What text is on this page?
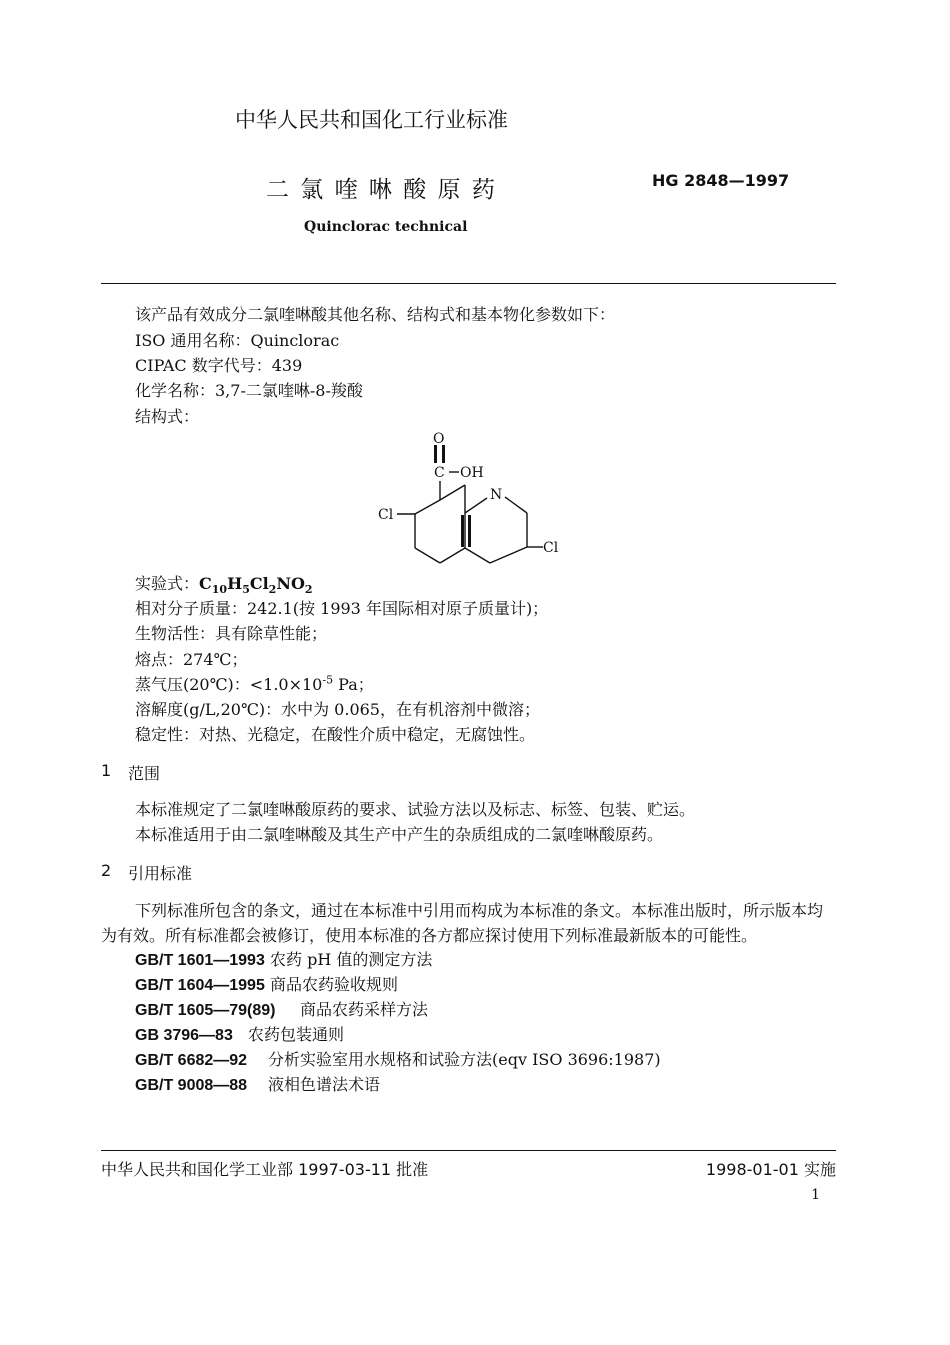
中华人民共和国化工行业标准
二 氯 喹 啉 酸 原 药	HG 2848—1997
Quinclorac technical
该产品有效成分二氯喹啉酸其他名称、结构式和基本物化参数如下：
ISO 通用名称：Quinclorac
CIPAC 数字代号：439
化学名称：3,7-二氯喹啉-8-羧酸
结构式：
O
C OH
N
Cl
Cl
实验式：$C_{10}H_5Cl_2NO_2$
相对分子质量：242.1(按 1993 年国际相对原子质量计)；
生物活性：具有除草性能；
熔点：274℃；
蒸气压(20℃)：$<1.0\times 10^{-5}$ Pa；
溶解度(g/L,20℃)：水中为 0.065，在有机溶剂中微溶；
稳定性：对热、光稳定，在酸性介质中稳定，无腐蚀性。
1 范围
本标准规定了二氯喹啉酸原药的要求、试验方法以及标志、标签、包装、贮运。
本标准适用于由二氯喹啉酸及其生产中产生的杂质组成的二氯喹啉酸原药。
2 引用标准
下列标准所包含的条文，通过在本标准中引用而构成为本标准的条文。本标准出版时，所示版本均
为有效。所有标准都会被修订，使用本标准的各方都应探讨使用下列标准最新版本的可能性。
GB/T 1601—1993 农药 pH 值的测定方法
GB/T 1604—1995 商品农药验收规则
GB/T 1605—79(89) 商品农药采样方法
GB 3796—83 农药包装通则
GB/T 6682—92 分析实验室用水规格和试验方法(eqv ISO 3696:1987)
GB/T 9008—88 液相色谱法术语
中华人民共和国化学工业部 1997-03-11 批准	1998-01-01 实施
1
